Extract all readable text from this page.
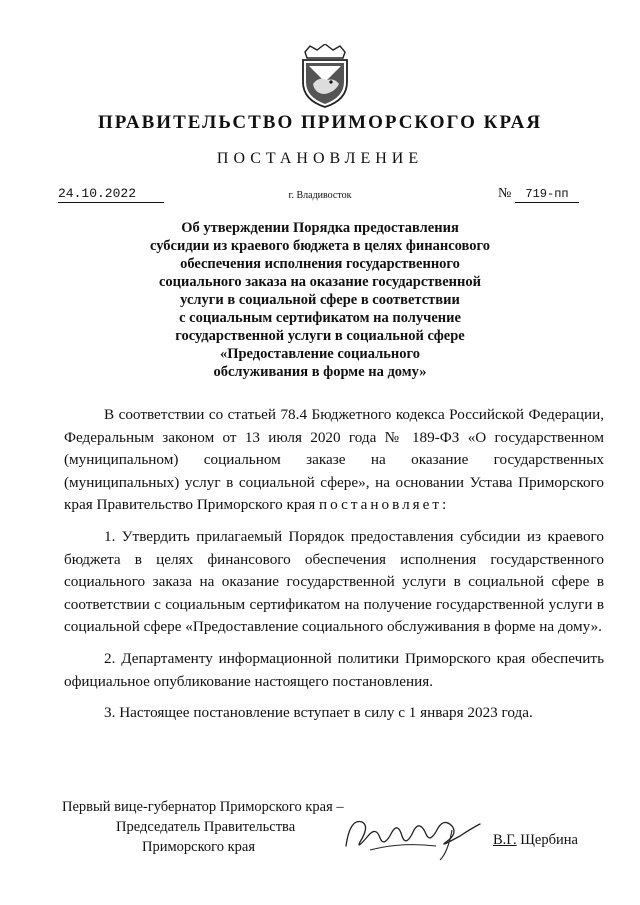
ПРАВИТЕЛЬСТВО ПРИМОРСКОГО КРАЯ
ПОСТАНОВЛЕНИЕ
24.10.2022	г. Владивосток	№	719-пп
Об утверждении Порядка предоставления
субсидии из краевого бюджета в целях финансового
обеспечения исполнения государственного
социального заказа на оказание государственной
услуги в социальной сфере в соответствии
с социальным сертификатом на получение
государственной услуги в социальной сфере
«Предоставление социального
обслуживания в форме на дому»

В соответствии со статьей 78.4 Бюджетного кодекса Российской Федерации, Федеральным законом от 13 июля 2020 года № 189-ФЗ «О государственном (муниципальном) социальном заказе на оказание государственных (муниципальных) услуг в социальной сфере», на основании Устава Приморского края Правительство Приморского края постановляет:

1. Утвердить прилагаемый Порядок предоставления субсидии из краевого бюджета в целях финансового обеспечения исполнения государственного социального заказа на оказание государственной услуги в социальной сфере в соответствии с социальным сертификатом на получение государственной услуги в социальной сфере «Предоставление социального обслуживания в форме на дому».

2. Департаменту информационной политики Приморского края обеспечить официальное опубликование настоящего постановления.

3. Настоящее постановление вступает в силу с 1 января 2023 года.

Первый вице-губернатор Приморского края –
Председатель Правительства
Приморского края	В.Г. Щербина
